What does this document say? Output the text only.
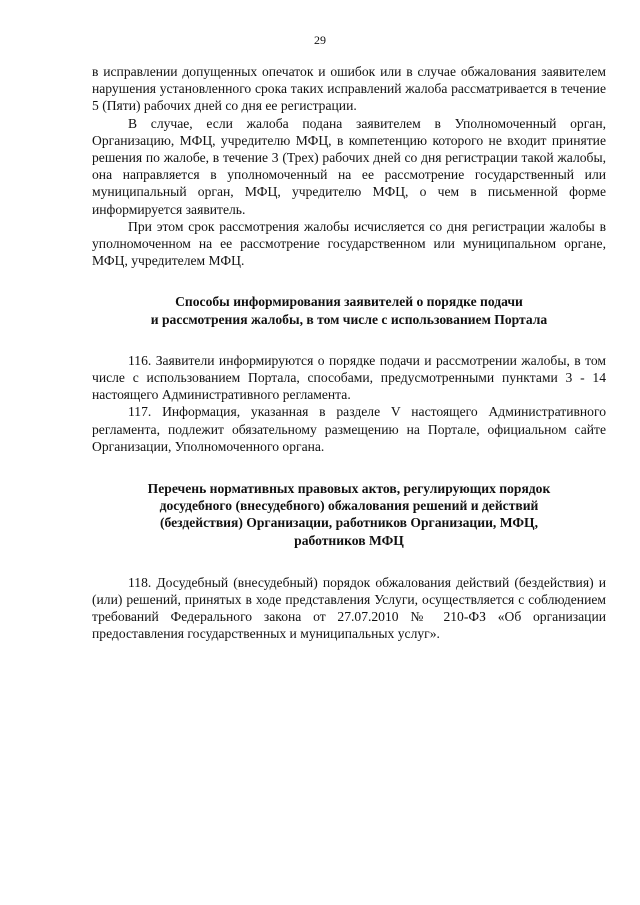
29

в исправлении допущенных опечаток и ошибок или в случае обжалования заявителем нарушения установленного срока таких исправлений жалоба рассматривается в течение 5 (Пяти) рабочих дней со дня ее регистрации.

В случае, если жалоба подана заявителем в Уполномоченный орган, Организацию, МФЦ, учредителю МФЦ, в компетенцию которого не входит принятие решения по жалобе, в течение 3 (Трех) рабочих дней со дня регистрации такой жалобы, она направляется в уполномоченный на ее рассмотрение государственный или муниципальный орган, МФЦ, учредителю МФЦ, о чем в письменной форме информируется заявитель.

При этом срок рассмотрения жалобы исчисляется со дня регистрации жалобы в уполномоченном на ее рассмотрение государственном или муниципальном органе, МФЦ, учредителем МФЦ.

Способы информирования заявителей о порядке подачи

и рассмотрения жалобы, в том числе с использованием Портала

116. Заявители информируются о порядке подачи и рассмотрении жалобы, в том числе с использованием Портала, способами, предусмотренными пунктами 3 - 14 настоящего Административного регламента.

117. Информация, указанная в разделе V настоящего Административного регламента, подлежит обязательному размещению на Портале, официальном сайте Организации, Уполномоченного органа.

Перечень нормативных правовых актов, регулирующих порядок

досудебного (внесудебного) обжалования решений и действий

(бездействия) Организации, работников Организации, МФЦ,

работников МФЦ

118. Досудебный (внесудебный) порядок обжалования действий (бездействия) и (или) решений, принятых в ходе представления Услуги, осуществляется с соблюдением требований Федерального закона от 27.07.2010 № 210-ФЗ «Об организации предоставления государственных и муниципальных услуг».
